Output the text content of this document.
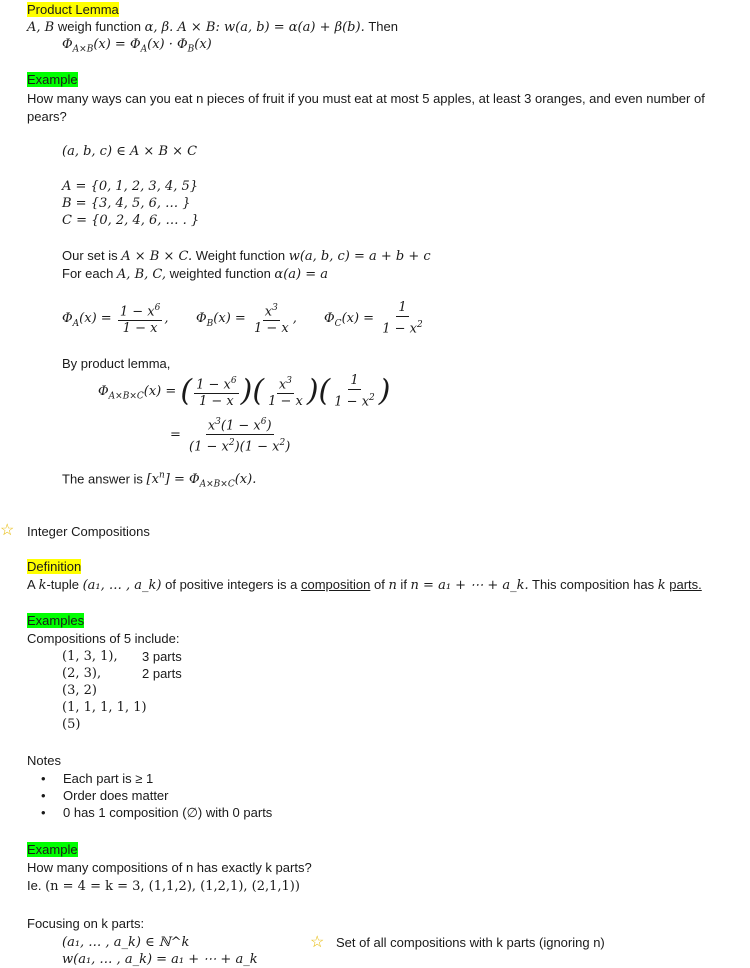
Product Lemma
A, B weigh function α, β. A × B: w(a, b) = α(a) + β(b). Then
$\Phi_{A\times B}(x) = \Phi_A(x) \cdot \Phi_B(x)$
Example
How many ways can you eat n pieces of fruit if you must eat at most 5 apples, at least 3 oranges, and even number of
pears?
(a, b, c) ∈ A × B × C
A = {0, 1, 2, 3, 4, 5}
B = {3, 4, 5, 6, … }
C = {0, 2, 4, 6, … . }
Our set is A × B × C. Weight function w(a, b, c) = a + b + c
For each A, B, C, weighted function α(a) = a
$\Phi_A(x) = \frac{1 - x^6}{1 - x}$ , $\Phi_B(x) = \frac{x^3}{1 - x}$ , $\Phi_C(x) = \frac{1}{1 - x^2}$
By product lemma,
$\Phi_{A\times B\times C}(x)$ = ( $\frac{1 - x^6}{1 - x}$ )( $\frac{x^3}{1 - x}$ )( $\frac{1}{1 - x^2}$ )
= $\frac{x^3(1 - x^6)}{(1 - x^2)(1 - x^2)}$
The answer is $[x^n] = \Phi_{A\times B\times C}(x)$.
☆ Integer Compositions
Definition
A k-tuple (a₁, … , a_k) of positive integers is a composition of n if n = a₁ + ⋯ + a_k. This composition has k parts.
Examples
Compositions of 5 include:
(1, 3, 1), 3 parts
(2, 3),	2 parts
(3, 2)
(1, 1, 1, 1, 1)
(5)
Notes
• Each part is ≥ 1
• Order does matter
• 0 has 1 composition (∅) with 0 parts
Example
How many compositions of n has exactly k parts?
Ie. (n = 4 = k = 3, (1,1,2), (1,2,1), (2,1,1))
Focusing on k parts:
(a₁, … , a_k) ∈ ℕ^k	☆ Set of all compositions with k parts (ignoring n)
w(a₁, … , a_k) = a₁ + ⋯ + a_k
